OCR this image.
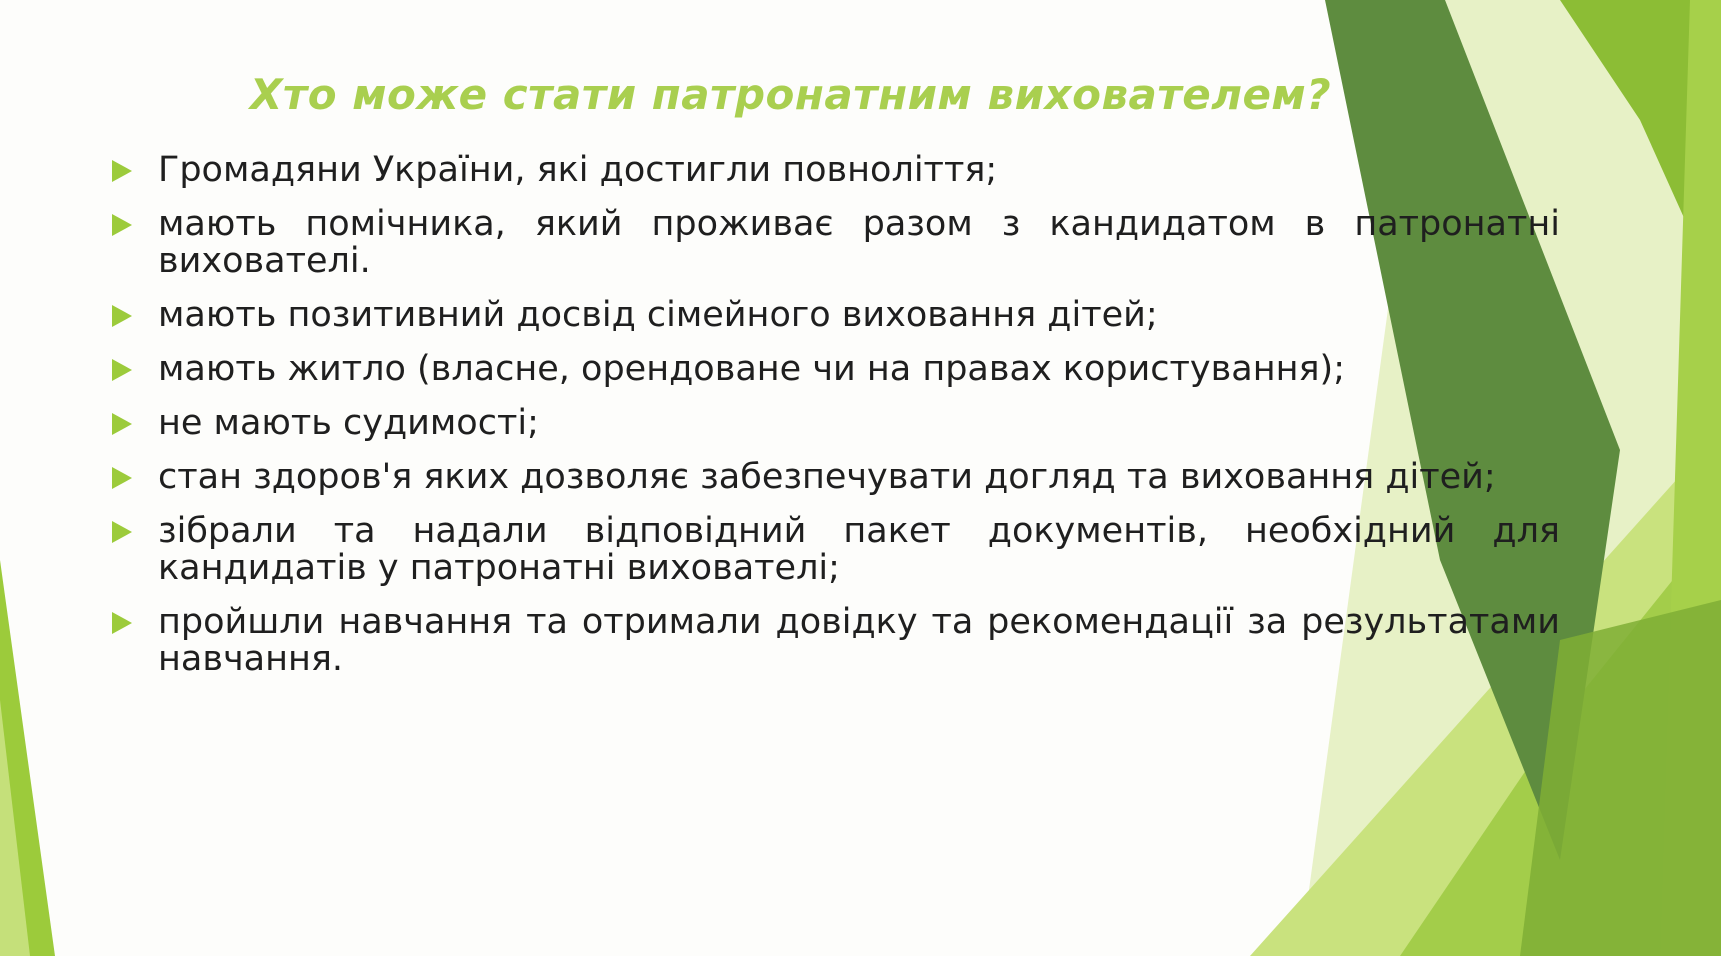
Хто може стати патронатним вихователем?
Громадяни України, які достигли повноліття;
мають помічника, який проживає разом з кандидатом в патронатні вихователі.
мають позитивний досвід сімейного виховання дітей;
мають житло (власне, орендоване чи на правах користування);
не мають судимості;
стан здоров'я яких дозволяє забезпечувати догляд та виховання дітей;
зібрали та надали відповідний пакет документів, необхідний для кандидатів у патронатні вихователі;
пройшли навчання та отримали довідку та рекомендації за результатами навчання.
